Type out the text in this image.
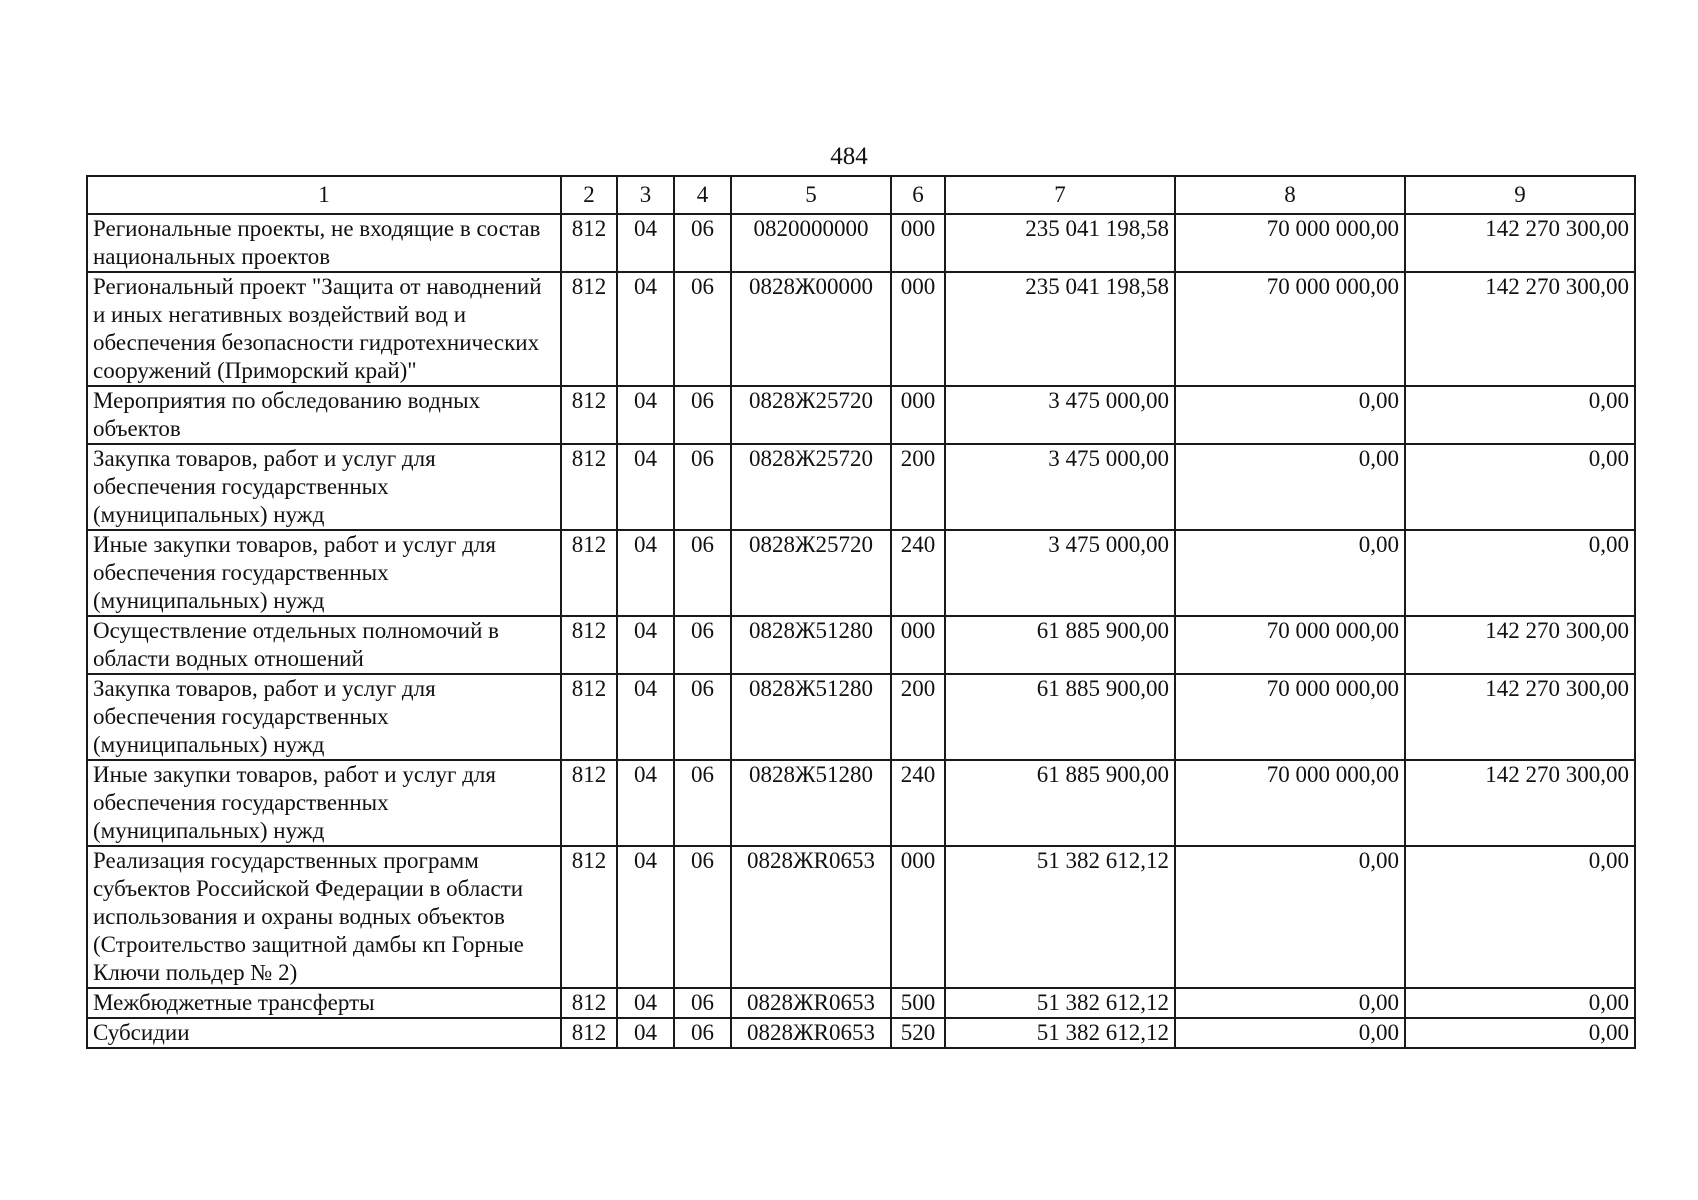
484
1	2	3	4	5	6	7	8	9
Региональные проекты, не входящие в состав национальных проектов	812	04	06	0820000000	000	235 041 198,58	70 000 000,00	142 270 300,00
Региональный проект "Защита от наводнений и иных негативных воздействий вод и обеспечения безопасности гидротехнических сооружений (Приморский край)"	812	04	06	0828Ж00000	000	235 041 198,58	70 000 000,00	142 270 300,00
Мероприятия по обследованию водных объектов	812	04	06	0828Ж25720	000	3 475 000,00	0,00	0,00
Закупка товаров, работ и услуг для обеспечения государственных (муниципальных) нужд	812	04	06	0828Ж25720	200	3 475 000,00	0,00	0,00
Иные закупки товаров, работ и услуг для обеспечения государственных (муниципальных) нужд	812	04	06	0828Ж25720	240	3 475 000,00	0,00	0,00
Осуществление отдельных полномочий в области водных отношений	812	04	06	0828Ж51280	000	61 885 900,00	70 000 000,00	142 270 300,00
Закупка товаров, работ и услуг для обеспечения государственных (муниципальных) нужд	812	04	06	0828Ж51280	200	61 885 900,00	70 000 000,00	142 270 300,00
Иные закупки товаров, работ и услуг для обеспечения государственных (муниципальных) нужд	812	04	06	0828Ж51280	240	61 885 900,00	70 000 000,00	142 270 300,00
Реализация государственных программ субъектов Российской Федерации в области использования и охраны водных объектов (Строительство защитной дамбы кп Горные Ключи польдер № 2)	812	04	06	0828ЖR0653	000	51 382 612,12	0,00	0,00
Межбюджетные трансферты	812	04	06	0828ЖR0653	500	51 382 612,12	0,00	0,00
Субсидии	812	04	06	0828ЖR0653	520	51 382 612,12	0,00	0,00
